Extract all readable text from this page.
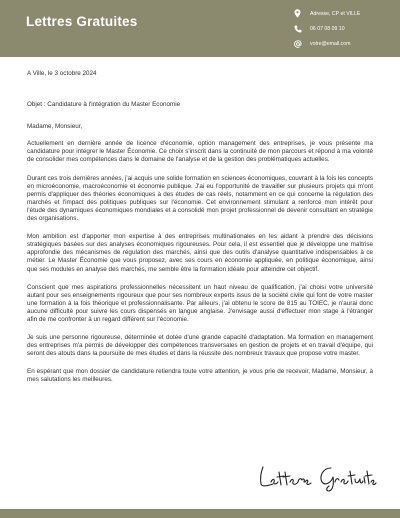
Lettres Gratuites
Adresse, CP et VILLE
06 07 08 09 10
votre@email.com

A Ville, le 3 octobre 2024

Objet : Candidature à l'intégration du Master Economie

Madame, Monsieur,

Actuellement en dernière année de licence d'économie, option management des entreprises, je vous présente ma candidature pour intégrer le Master Économie. Ce choix s'inscrit dans la continuité de mon parcours et répond à ma volonté de consolider mes compétences dans le domaine de l'analyse et de la gestion des problématiques actuelles.

Durant ces trois dernières années, j'ai acquis une solide formation en sciences économiques, couvrant à la fois les concepts en microéconomie, macroéconomie et économie publique. J'ai eu l'opportunité de travailler sur plusieurs projets qui m'ont permis d'appliquer des théories économiques à des études de cas réels, notamment en ce qui concerne la régulation des marchés et l'impact des politiques publiques sur l'économie. Cet environnement stimulant a renforcé mon intérêt pour l'étude des dynamiques économiques mondiales et a consolidé mon projet professionnel de devenir consultant en stratégie des organisations.

Mon ambition est d'apporter mon expertise à des entreprises multinationales en les aidant à prendre des décisions stratégiques basées sur des analyses économiques rigoureuses. Pour cela, il est essentiel que je développe une maîtrise approfondie des mécanismes de régulation des marchés, ainsi que des outils d'analyse quantitative indispensables à ce métier. Le Master Économie que vous proposez, avec ses cours en économie appliquée, en politique économique, ainsi que ses modules en analyse des marchés, me semble être la formation idéale pour atteindre cet objectif.

Conscient que mes aspirations professionnelles nécessitent un haut niveau de qualification, j'ai choisi votre université autant pour ses enseignements rigoureux que pour ses nombreux experts issus de la société civile qui font de votre master une formation à la fois théorique et professionnalisante. Par ailleurs, j'ai obtenu le score de 815 au TOIEC, je n'aurai donc aucune difficulté pour suivre les cours dispensés en langue anglaise. J'envisage aussi d'effectuer mon stage à l'étranger afin de me confronter à un regard différent sur l'économie.

Je suis une personne rigoureuse, déterminée et dotée d'une grande capacité d'adaptation. Ma formation en management des entreprises m'a permis de développer des compétences transversales en gestion de projets et en travail d'équipe, qui seront des atouts dans la poursuite de mes études et dans la réussite des nombreux travaux que propose votre master.

En espérant que mon dossier de candidature retiendra toute votre attention, je vous prie de recevoir, Madame, Monsieur, à mes salutations les meilleures.
